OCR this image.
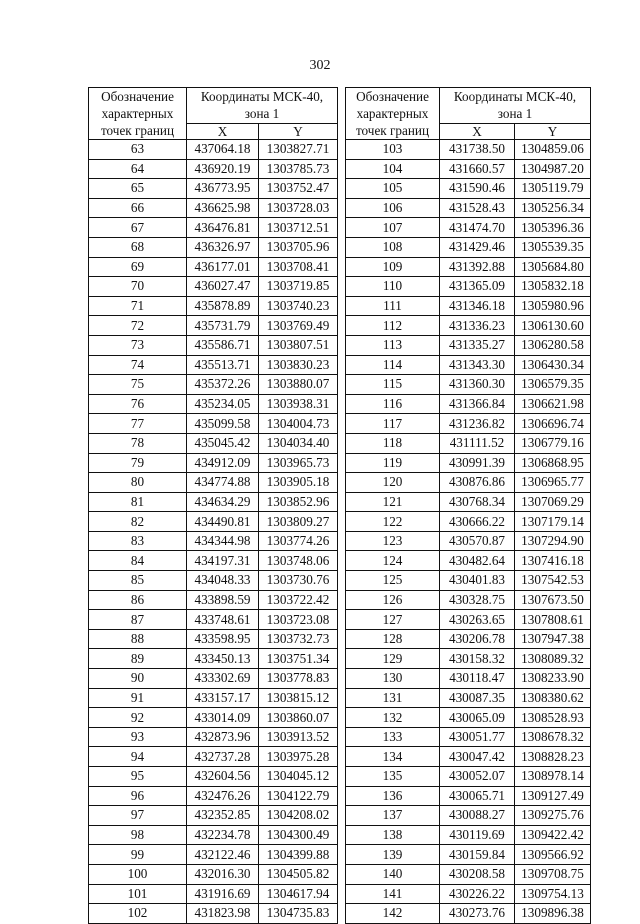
302
Обозначение
характерных
точек границ	Координаты МСК-40,
зона 1	
	X	Y
63	437064.18	1303827.71
64	436920.19	1303785.73
65	436773.95	1303752.47
66	436625.98	1303728.03
67	436476.81	1303712.51
68	436326.97	1303705.96
69	436177.01	1303708.41
70	436027.47	1303719.85
71	435878.89	1303740.23
72	435731.79	1303769.49
73	435586.71	1303807.51
74	435513.71	1303830.23
75	435372.26	1303880.07
76	435234.05	1303938.31
77	435099.58	1304004.73
78	435045.42	1304034.40
79	434912.09	1303965.73
80	434774.88	1303905.18
81	434634.29	1303852.96
82	434490.81	1303809.27
83	434344.98	1303774.26
84	434197.31	1303748.06
85	434048.33	1303730.76
86	433898.59	1303722.42
87	433748.61	1303723.08
88	433598.95	1303732.73
89	433450.13	1303751.34
90	433302.69	1303778.83
91	433157.17	1303815.12
92	433014.09	1303860.07
93	432873.96	1303913.52
94	432737.28	1303975.28
95	432604.56	1304045.12
96	432476.26	1304122.79
97	432352.85	1304208.02
98	432234.78	1304300.49
99	432122.46	1304399.88
100	432016.30	1304505.82
101	431916.69	1304617.94
102	431823.98	1304735.83
Обозначение
характерных
точек границ	Координаты МСК-40,
зона 1	
	X	Y
103	431738.50	1304859.06
104	431660.57	1304987.20
105	431590.46	1305119.79
106	431528.43	1305256.34
107	431474.70	1305396.36
108	431429.46	1305539.35
109	431392.88	1305684.80
110	431365.09	1305832.18
111	431346.18	1305980.96
112	431336.23	1306130.60
113	431335.27	1306280.58
114	431343.30	1306430.34
115	431360.30	1306579.35
116	431366.84	1306621.98
117	431236.82	1306696.74
118	431111.52	1306779.16
119	430991.39	1306868.95
120	430876.86	1306965.77
121	430768.34	1307069.29
122	430666.22	1307179.14
123	430570.87	1307294.90
124	430482.64	1307416.18
125	430401.83	1307542.53
126	430328.75	1307673.50
127	430263.65	1307808.61
128	430206.78	1307947.38
129	430158.32	1308089.32
130	430118.47	1308233.90
131	430087.35	1308380.62
132	430065.09	1308528.93
133	430051.77	1308678.32
134	430047.42	1308828.23
135	430052.07	1308978.14
136	430065.71	1309127.49
137	430088.27	1309275.76
138	430119.69	1309422.42
139	430159.84	1309566.92
140	430208.58	1309708.75
141	430226.22	1309754.13
142	430273.76	1309896.38
